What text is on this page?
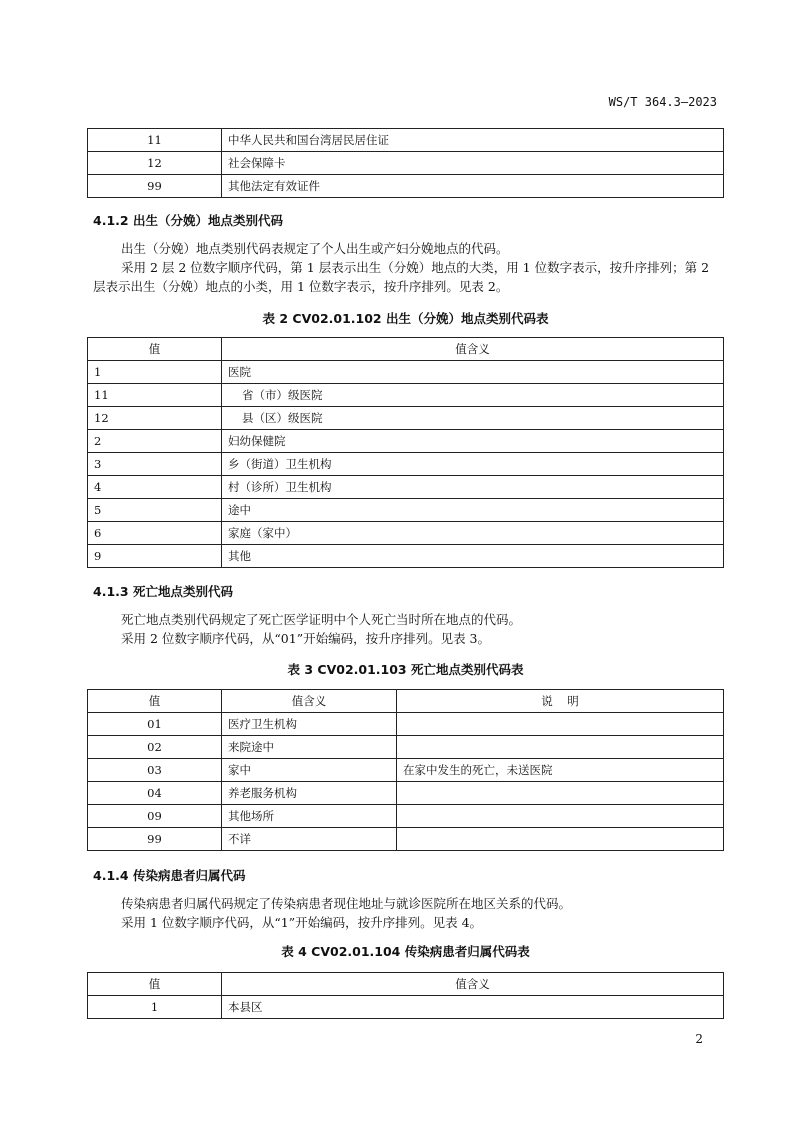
WS/T 364.3—2023
11	中华人民共和国台湾居民居住证
12	社会保障卡
99	其他法定有效证件
4.1.2 出生（分娩）地点类别代码

出生（分娩）地点类别代码表规定了个人出生或产妇分娩地点的代码。

采用 2 层 2 位数字顺序代码，第 1 层表示出生（分娩）地点的大类，用 1 位数字表示，按升序排列；第 2 层表示出生（分娩）地点的小类，用 1 位数字表示，按升序排列。见表 2。

表 2 CV02.01.102 出生（分娩）地点类别代码表
值	值含义
1	医院
11	省（市）级医院
12	县（区）级医院
2	妇幼保健院
3	乡（街道）卫生机构
4	村（诊所）卫生机构
5	途中
6	家庭（家中）
9	其他
4.1.3 死亡地点类别代码

死亡地点类别代码规定了死亡医学证明中个人死亡当时所在地点的代码。

采用 2 位数字顺序代码，从“01”开始编码，按升序排列。见表 3。

表 3 CV02.01.103 死亡地点类别代码表
值	值含义	说    明
01	医疗卫生机构	
02	来院途中	
03	家中	在家中发生的死亡，未送医院
04	养老服务机构	
09	其他场所	
99	不详	
4.1.4 传染病患者归属代码

传染病患者归属代码规定了传染病患者现住地址与就诊医院所在地区关系的代码。

采用 1 位数字顺序代码，从“1”开始编码，按升序排列。见表 4。

表 4 CV02.01.104 传染病患者归属代码表
值	值含义
1	本县区
2
